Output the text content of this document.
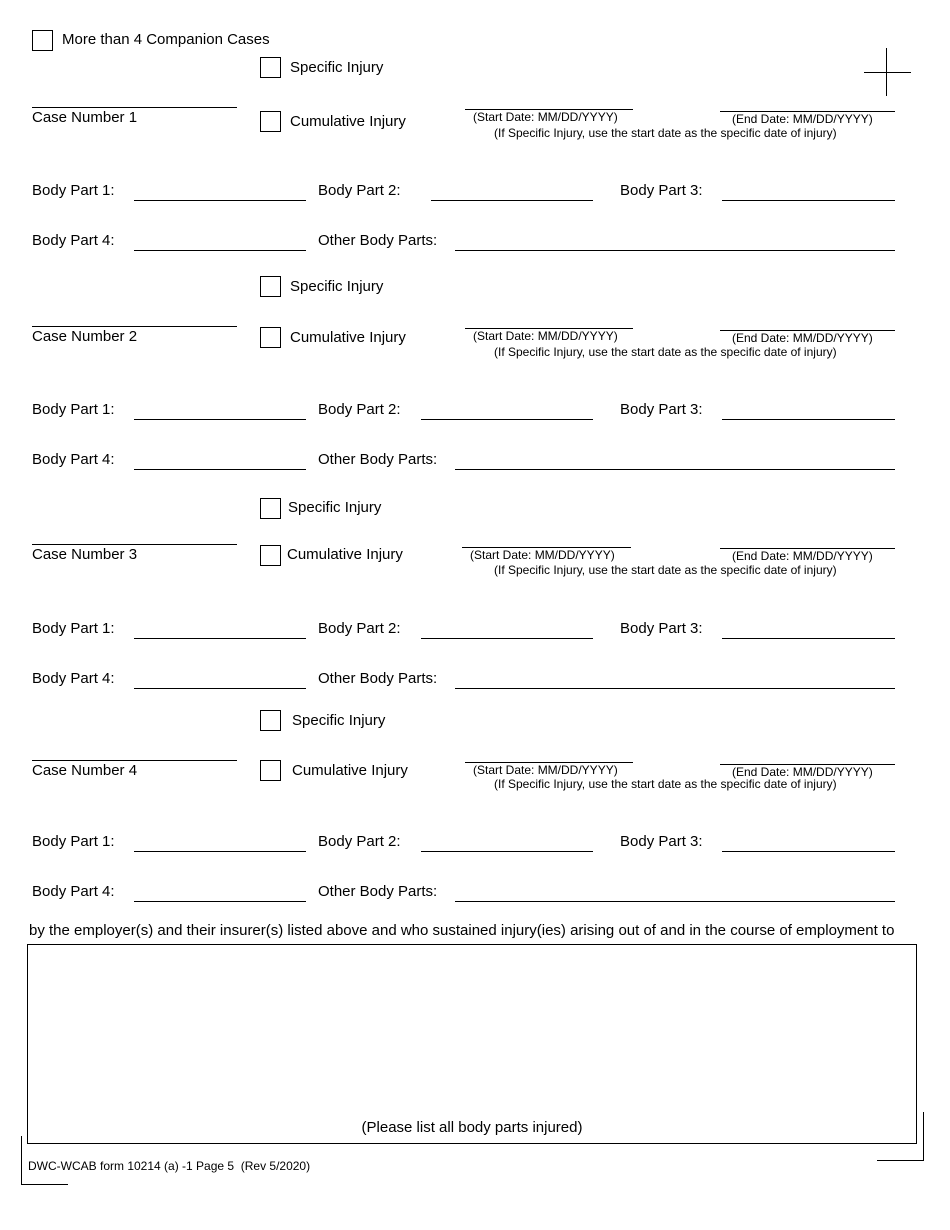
More than 4 Companion Cases
Specific Injury
Case Number 1	Cumulative Injury	(Start Date: MM/DD/YYYY)	(End Date: MM/DD/YYYY)
(If Specific Injury, use the start date as the specific date of injury)
Body Part 1:	Body Part 2:	Body Part 3:
Body Part 4:	Other Body Parts:
Specific Injury
Case Number 2	Cumulative Injury	(Start Date: MM/DD/YYYY)	(End Date: MM/DD/YYYY)
(If Specific Injury, use the start date as the specific date of injury)
Body Part 1:	Body Part 2:	Body Part 3:
Body Part 4:	Other Body Parts:
Specific Injury
Case Number 3	Cumulative Injury	(Start Date: MM/DD/YYYY)	(End Date: MM/DD/YYYY)
(If Specific Injury, use the start date as the specific date of injury)
Body Part 1:	Body Part 2:	Body Part 3:
Body Part 4:	Other Body Parts:
Specific Injury
Case Number 4	Cumulative Injury	(Start Date: MM/DD/YYYY)	(End Date: MM/DD/YYYY)
(If Specific Injury, use the start date as the specific date of injury)
Body Part 1:	Body Part 2:	Body Part 3:
Body Part 4:	Other Body Parts:
by the employer(s) and their insurer(s) listed above and who sustained injury(ies) arising out of and in the course of employment to
(Please list all body parts injured)
DWC-WCAB form 10214 (a) -1 Page 5  (Rev 5/2020)
